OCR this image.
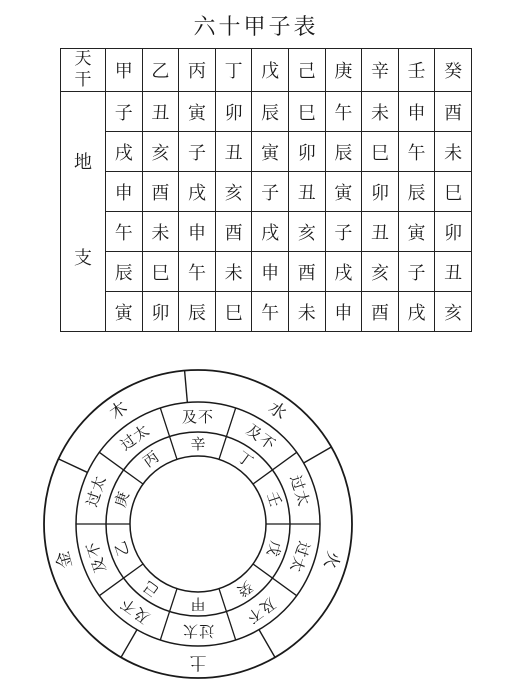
六十甲子表
天干	甲	乙	丙	丁	戊	己	庚	辛	壬	癸

地
支	子	丑	寅	卯	辰	巳	午	未	申	酉
	戌	亥	子	丑	寅	卯	辰	巳	午	未
	申	酉	戌	亥	子	丑	寅	卯	辰	巳
	午	未	申	酉	戌	亥	子	丑	寅	卯
	辰	巳	午	未	申	酉	戌	亥	子	丑
	寅	卯	辰	巳	午	未	申	酉	戌	亥
木
火
土
金
水
丁
及不
壬 过太
戊 过太
癸
及不
甲
过太
己
及不
乙
及不
庚
过太
丙
过太 辛
及不
